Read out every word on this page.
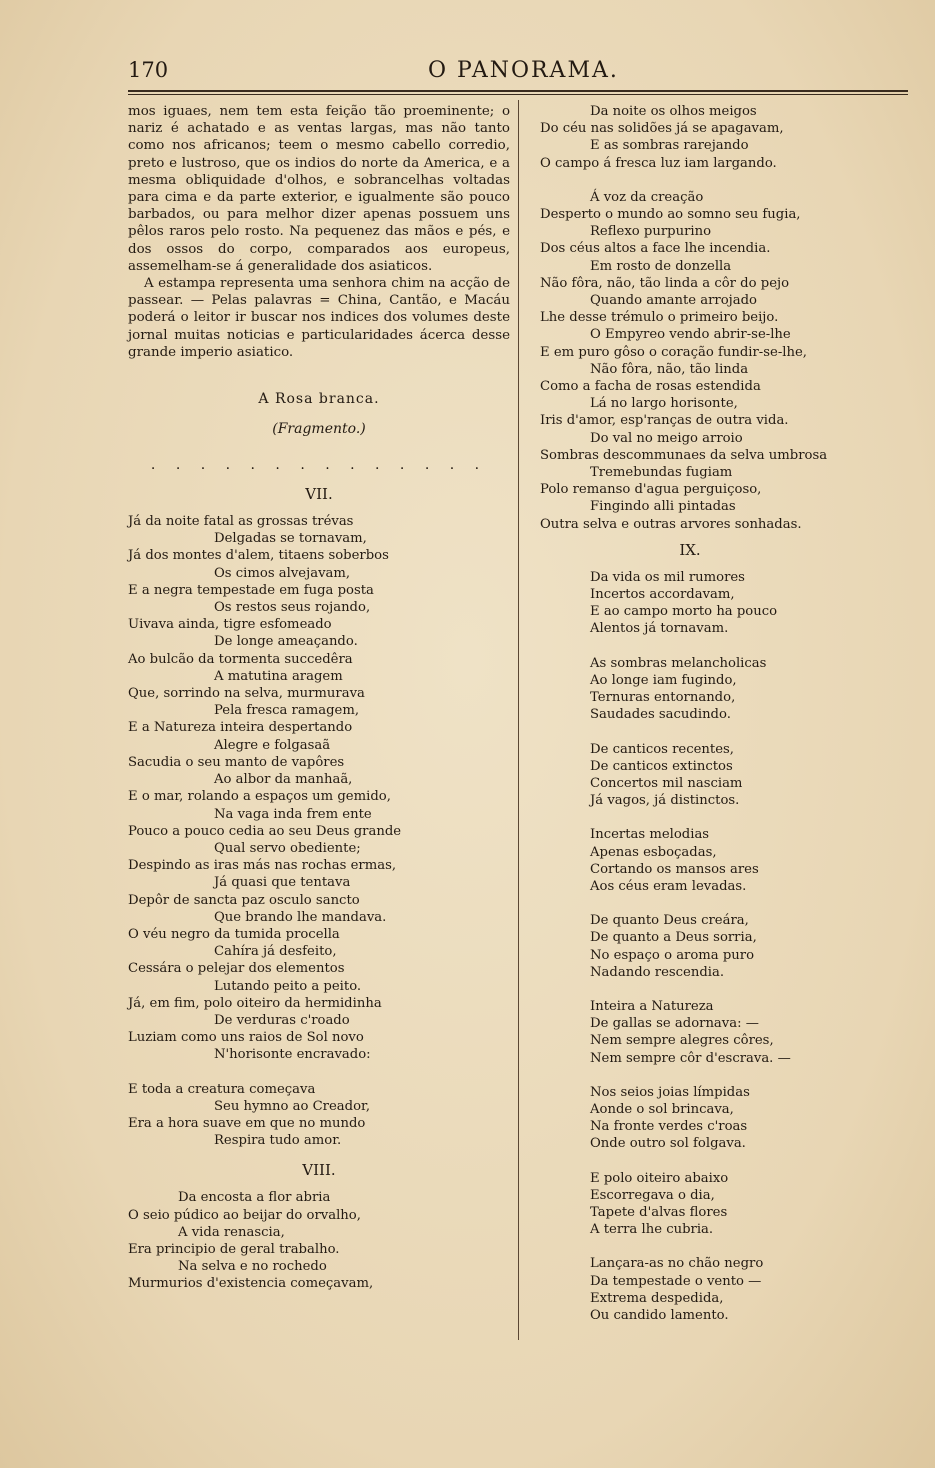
170	O PANORAMA.

mos iguaes, nem tem esta feição tão proeminente; o nariz é achatado e as ventas largas, mas não tanto como nos africanos; teem o mesmo cabello corredio, preto e lustroso, que os indios do norte da America, e a mesma obliquidade d'olhos, e sobrancelhas voltadas para cima e da parte exterior, e igualmente são pouco barbados, ou para melhor dizer apenas possuem uns pêlos raros pelo rosto. Na pequenez das mãos e pés, e dos ossos do corpo, comparados aos europeus, assemelham-se á generalidade dos asiaticos.

A estampa representa uma senhora chim na acção de passear. — Pelas palavras = China, Cantão, e Macáu poderá o leitor ir buscar nos indices dos volumes deste jornal muitas noticias e particularidades ácerca desse grande imperio asiatico.

A Rosa branca.
(Fragmento.)
. . . . . . . . . . . . . .
VII.
Já da noite fatal as grossas trévas
Delgadas se tornavam,
Já dos montes d'alem, titaens soberbos
Os cimos alvejavam,
E a negra tempestade em fuga posta
Os restos seus rojando,
Uivava ainda, tigre esfomeado
De longe ameaçando.
Ao bulcão da tormenta succedêra
A matutina aragem
Que, sorrindo na selva, murmurava
Pela fresca ramagem,
E a Natureza inteira despertando
Alegre e folgasaã
Sacudia o seu manto de vapôres
Ao albor da manhaã,
E o mar, rolando a espaços um gemido,
Na vaga inda frem ente
Pouco a pouco cedia ao seu Deus grande
Qual servo obediente;
Despindo as iras más nas rochas ermas,
Já quasi que tentava
Depôr de sancta paz osculo sancto
Que brando lhe mandava.
O véu negro da tumida procella
Cahíra já desfeito,
Cessára o pelejar dos elementos
Lutando peito a peito.
Já, em fim, polo oiteiro da hermidinha
De verduras c'roado
Luziam como uns raios de Sol novo
N'horisonte encravado:
E toda a creatura começava
Seu hymno ao Creador,
Era a hora suave em que no mundo
Respira tudo amor.
VIII.
Da encosta a flor abria
O seio púdico ao beijar do orvalho,
A vida renascia,
Era principio de geral trabalho.
Na selva e no rochedo
Murmurios d'existencia começavam,
Da noite os olhos meigos
Do céu nas solidões já se apagavam,
E as sombras rarejando
O campo á fresca luz iam largando.
Á voz da creação
Desperto o mundo ao somno seu fugia,
Reflexo purpurino
Dos céus altos a face lhe incendia.
Em rosto de donzella
Não fôra, não, tão linda a côr do pejo
Quando amante arrojado
Lhe desse trémulo o primeiro beijo.
O Empyreo vendo abrir-se-lhe
E em puro gôso o coração fundir-se-lhe,
Não fôra, não, tão linda
Como a facha de rosas estendida
Lá no largo horisonte,
Iris d'amor, esp'ranças de outra vida.
Do val no meigo arroio
Sombras descommunaes da selva umbrosa
Tremebundas fugiam
Polo remanso d'agua perguiçoso,
Fingindo alli pintadas
Outra selva e outras arvores sonhadas.
IX.
Da vida os mil rumores
Incertos accordavam,
E ao campo morto ha pouco
Alentos já tornavam.
As sombras melancholicas
Ao longe iam fugindo,
Ternuras entornando,
Saudades sacudindo.
De canticos recentes,
De canticos extinctos
Concertos mil nasciam
Já vagos, já distinctos.
Incertas melodias
Apenas esboçadas,
Cortando os mansos ares
Aos céus eram levadas.
De quanto Deus creára,
De quanto a Deus sorria,
No espaço o aroma puro
Nadando rescendia.
Inteira a Natureza
De gallas se adornava: —
Nem sempre alegres côres,
Nem sempre côr d'escrava. —
Nos seios joias límpidas
Aonde o sol brincava,
Na fronte verdes c'roas
Onde outro sol folgava.
E polo oiteiro abaixo
Escorregava o dia,
Tapete d'alvas flores
A terra lhe cubria.
Lançara-as no chão negro
Da tempestade o vento —
Extrema despedida,
Ou candido lamento.
